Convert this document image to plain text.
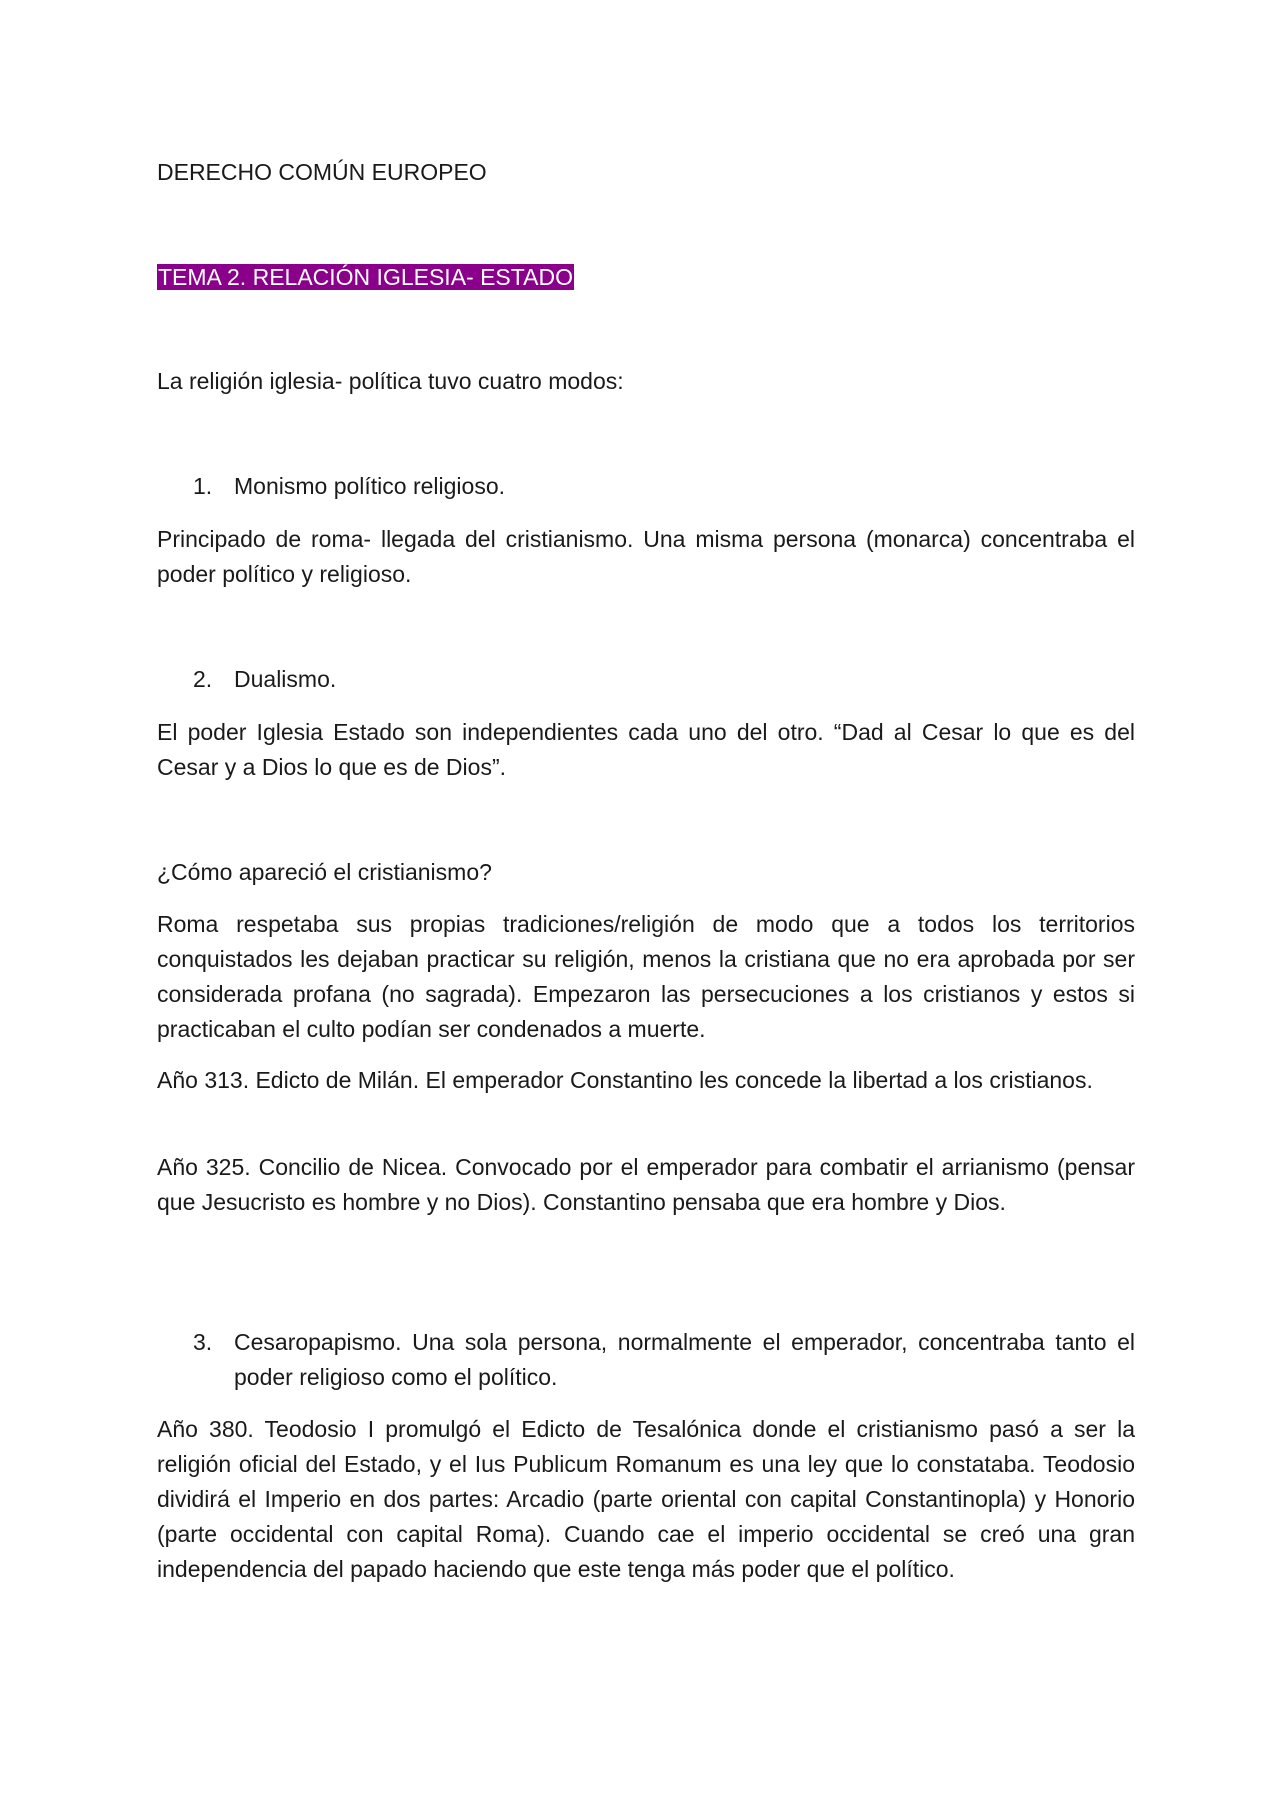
DERECHO COMÚN EUROPEO

TEMA 2. RELACIÓN IGLESIA- ESTADO

La religión iglesia- política tuvo cuatro modos:

1. Monismo político religioso.

Principado de roma- llegada del cristianismo. Una misma persona (monarca) concentraba el poder político y religioso.

2. Dualismo.

El poder Iglesia Estado son independientes cada uno del otro. “Dad al Cesar lo que es del Cesar y a Dios lo que es de Dios”.

¿Cómo apareció el cristianismo?

Roma respetaba sus propias tradiciones/religión de modo que a todos los territorios conquistados les dejaban practicar su religión, menos la cristiana que no era aprobada por ser considerada profana (no sagrada). Empezaron las persecuciones a los cristianos y estos si practicaban el culto podían ser condenados a muerte.

Año 313. Edicto de Milán. El emperador Constantino les concede la libertad a los cristianos.

Año 325. Concilio de Nicea. Convocado por el emperador para combatir el arrianismo (pensar que Jesucristo es hombre y no Dios). Constantino pensaba que era hombre y Dios.

3. Cesaropapismo. Una sola persona, normalmente el emperador, concentraba tanto el poder religioso como el político.

Año 380. Teodosio I promulgó el Edicto de Tesalónica donde el cristianismo pasó a ser la religión oficial del Estado, y el Ius Publicum Romanum es una ley que lo constataba. Teodosio dividirá el Imperio en dos partes: Arcadio (parte oriental con capital Constantinopla) y Honorio (parte occidental con capital Roma). Cuando cae el imperio occidental se creó una gran independencia del papado haciendo que este tenga más poder que el político.
